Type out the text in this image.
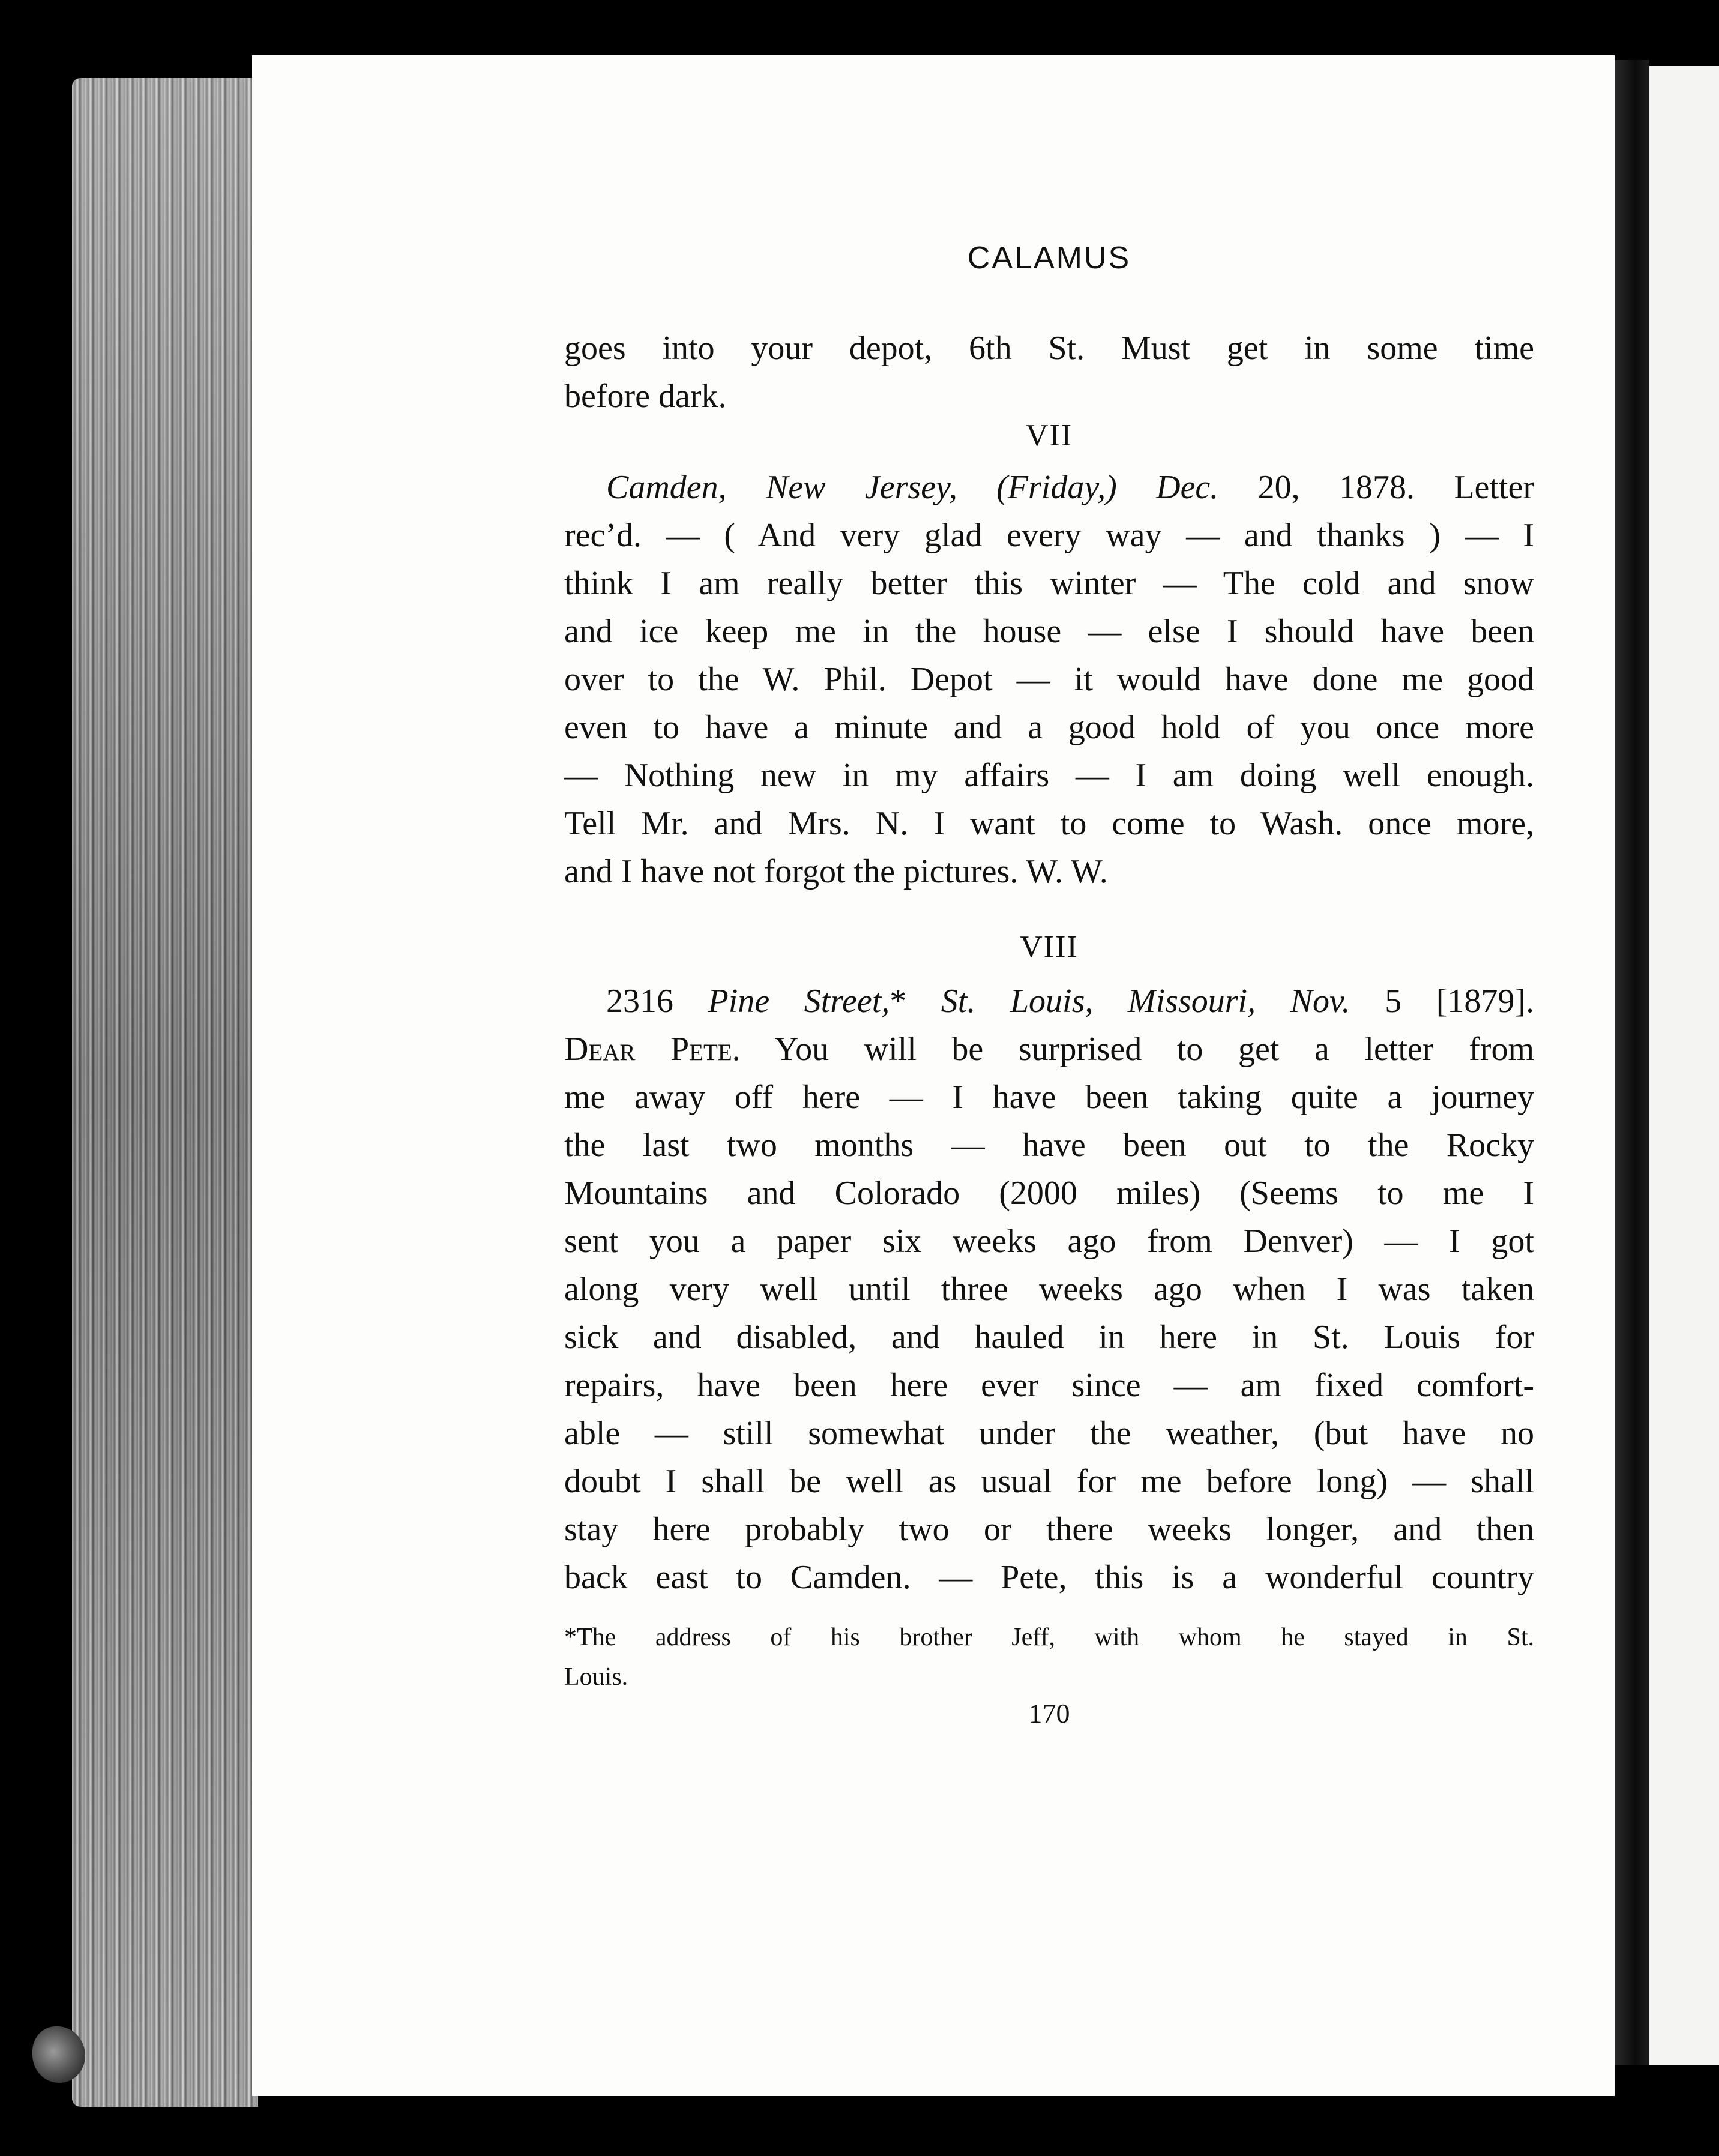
CALAMUS
goes into your depot, 6th St. Must get in some time
before dark.
VII
Camden, New Jersey, (Friday,) Dec. 20, 1878. Letter
rec’d. — ( And very glad every way — and thanks ) — I
think I am really better this winter — The cold and snow
and ice keep me in the house — else I should have been
over to the W. Phil. Depot — it would have done me good
even to have a minute and a good hold of you once more
— Nothing new in my affairs — I am doing well enough.
Tell Mr. and Mrs. N. I want to come to Wash. once more,
and I have not forgot the pictures. W. W.
VIII
2316 Pine Street,* St. Louis, Missouri, Nov. 5 [1879].
Dear Pete. You will be surprised to get a letter from
me away off here — I have been taking quite a journey
the last two months — have been out to the Rocky
Mountains and Colorado (2000 miles) (Seems to me I
sent you a paper six weeks ago from Denver) — I got
along very well until three weeks ago when I was taken
sick and disabled, and hauled in here in St. Louis for
repairs, have been here ever since — am fixed comfort-
able — still somewhat under the weather, (but have no
doubt I shall be well as usual for me before long) — shall
stay here probably two or there weeks longer, and then
back east to Camden. — Pete, this is a wonderful country
*The address of his brother Jeff, with whom he stayed in St.
Louis.
170
